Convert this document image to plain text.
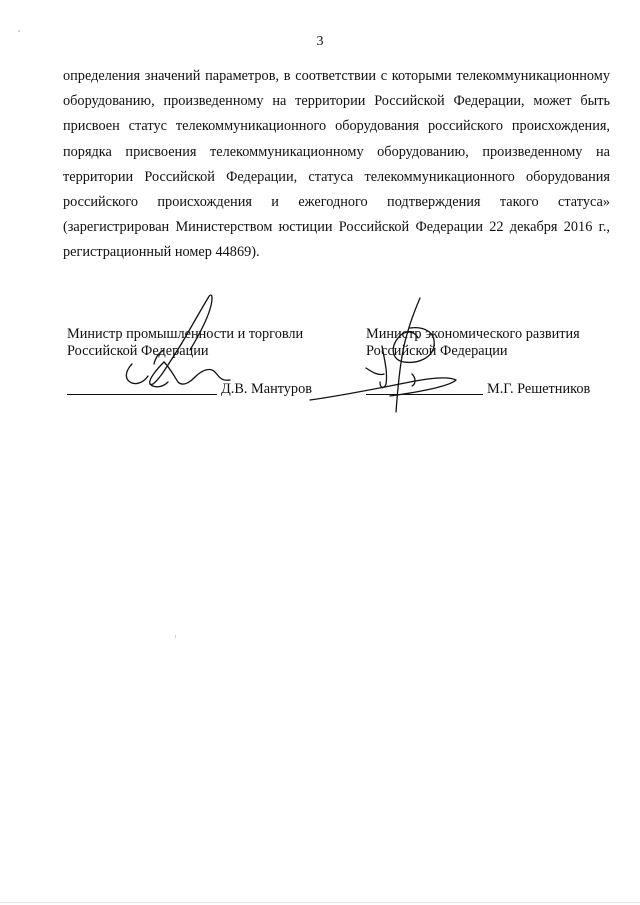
3

определения значений параметров, в соответствии с которыми телекоммуникационному оборудованию, произведенному на территории Российской Федерации, может быть присвоен статус телекоммуникационного оборудования российского происхождения, порядка присвоения телекоммуникационному оборудованию, произведенному на территории Российской Федерации, статуса телекоммуникационного оборудования российского происхождения и ежегодного подтверждения такого статуса» (зарегистрирован Министерством юстиции Российской Федерации 22 декабря 2016 г., регистрационный номер 44869).

Министр промышленности и торговли
Российской Федерации
Д.В. Мантуров
Министр экономического развития
Российской Федерации
М.Г. Решетников
